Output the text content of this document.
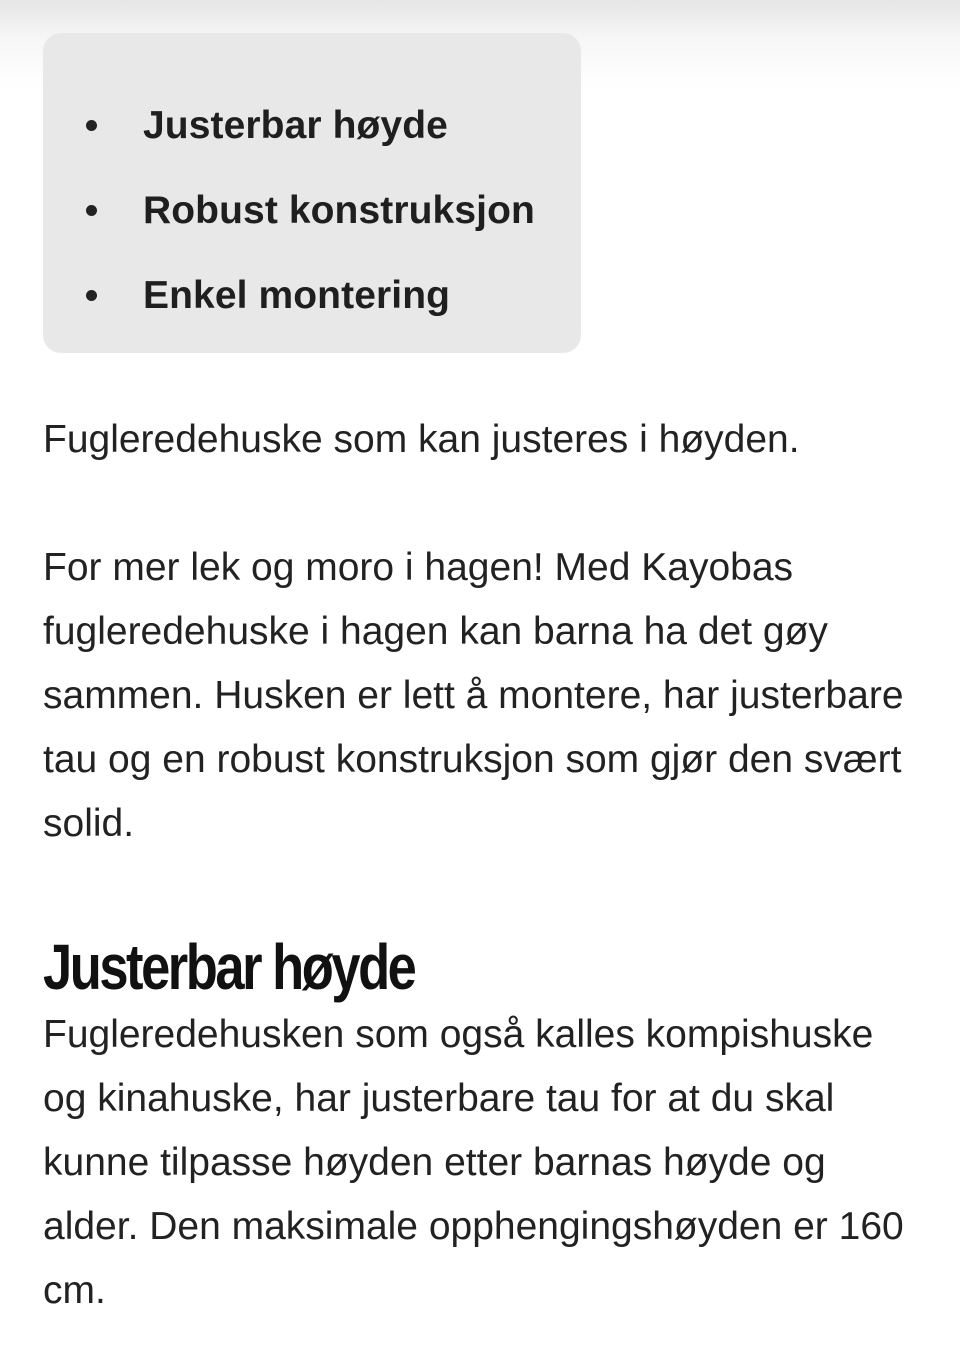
Justerbar høyde
Robust konstruksjon
Enkel montering

Fugleredehuske som kan justeres i høyden.

For mer lek og moro i hagen! Med Kayobas fugleredehuske i hagen kan barna ha det gøy sammen. Husken er lett å montere, har justerbare tau og en robust konstruksjon som gjør den svært solid.

Justerbar høyde

Fugleredehusken som også kalles kompishuske og kinahuske, har justerbare tau for at du skal kunne tilpasse høyden etter barnas høyde og alder. Den maksimale opphengingshøyden er 160 cm.
